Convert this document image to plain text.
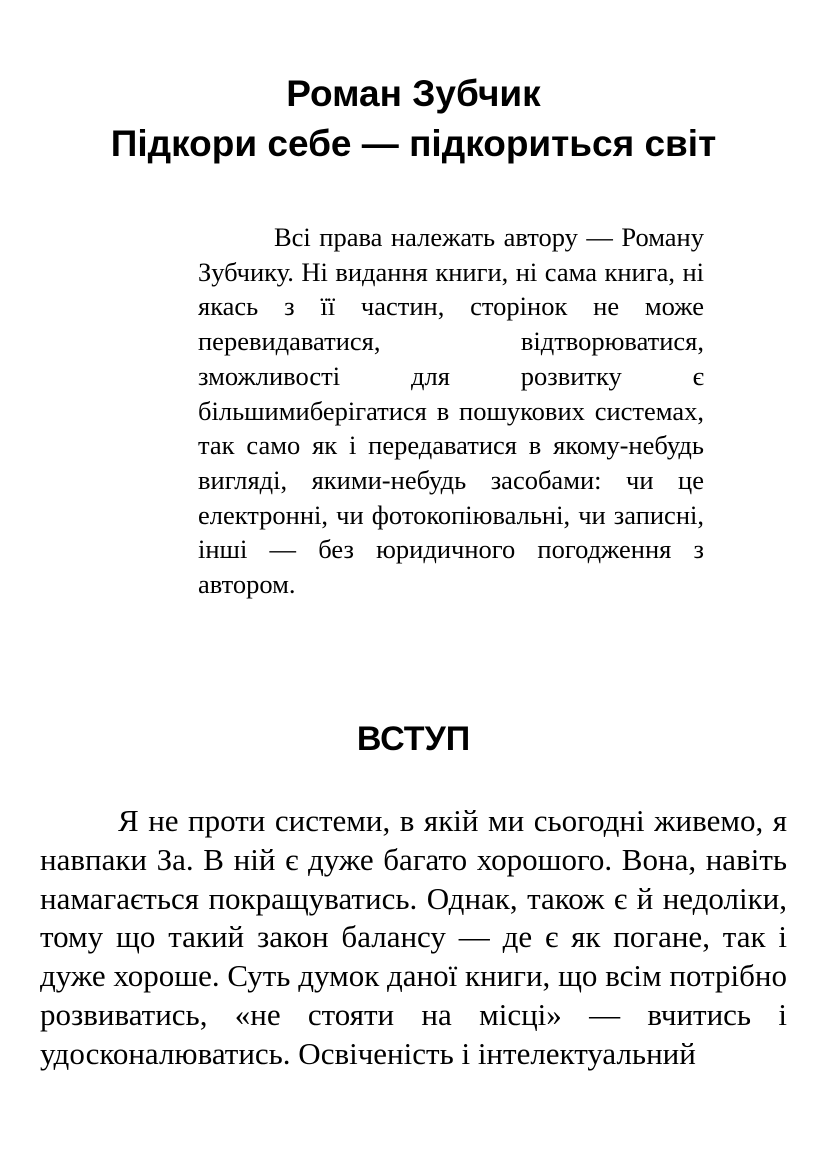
Роман Зубчик
Підкори себе — підкориться світ

Всі права належать автору — Роману Зубчику. Ні видання книги, ні сама книга, ні якась з її частин, сторінок не може перевидаватися, відтворюватися, зможливості для розвитку є більшимиберігатися в пошукових системах, так само як і передаватися в якому-небудь вигляді, якими-небудь засобами: чи це електронні, чи фотокопіювальні, чи записні, інші — без юридичного погодження з автором.

ВСТУП

Я не проти системи, в якій ми сьогодні живемо, я навпаки За. В ній є дуже багато хорошого. Вона, навіть намагається покращуватись. Однак, також є й недоліки, тому що такий закон балансу — де є як погане, так і дуже хороше. Суть думок даної книги, що всім потрібно розвиватись, «не стояти на місці» — вчитись і удосконалюватись. Освіченість і інтелектуальний
